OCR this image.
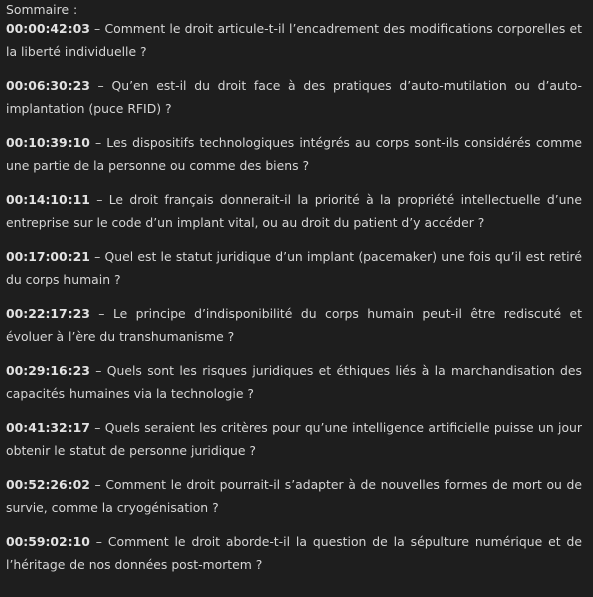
Sommaire :

00:00:42:03 – Comment le droit articule-t-il l’encadrement des modifications corporelles et la liberté individuelle ?

00:06:30:23 – Qu’en est-il du droit face à des pratiques d’auto-mutilation ou d’auto-implantation (puce RFID) ?

00:10:39:10 – Les dispositifs technologiques intégrés au corps sont-ils considérés comme une partie de la personne ou comme des biens ?

00:14:10:11 – Le droit français donnerait-il la priorité à la propriété intellectuelle d’une entreprise sur le code d’un implant vital, ou au droit du patient d’y accéder ?

00:17:00:21 – Quel est le statut juridique d’un implant (pacemaker) une fois qu’il est retiré du corps humain ?

00:22:17:23 – Le principe d’indisponibilité du corps humain peut-il être rediscuté et évoluer à l’ère du transhumanisme ?

00:29:16:23 – Quels sont les risques juridiques et éthiques liés à la marchandisation des capacités humaines via la technologie ?

00:41:32:17 – Quels seraient les critères pour qu’une intelligence artificielle puisse un jour obtenir le statut de personne juridique ?

00:52:26:02 – Comment le droit pourrait-il s’adapter à de nouvelles formes de mort ou de survie, comme la cryogénisation ?

00:59:02:10 – Comment le droit aborde-t-il la question de la sépulture numérique et de l’héritage de nos données post-mortem ?
